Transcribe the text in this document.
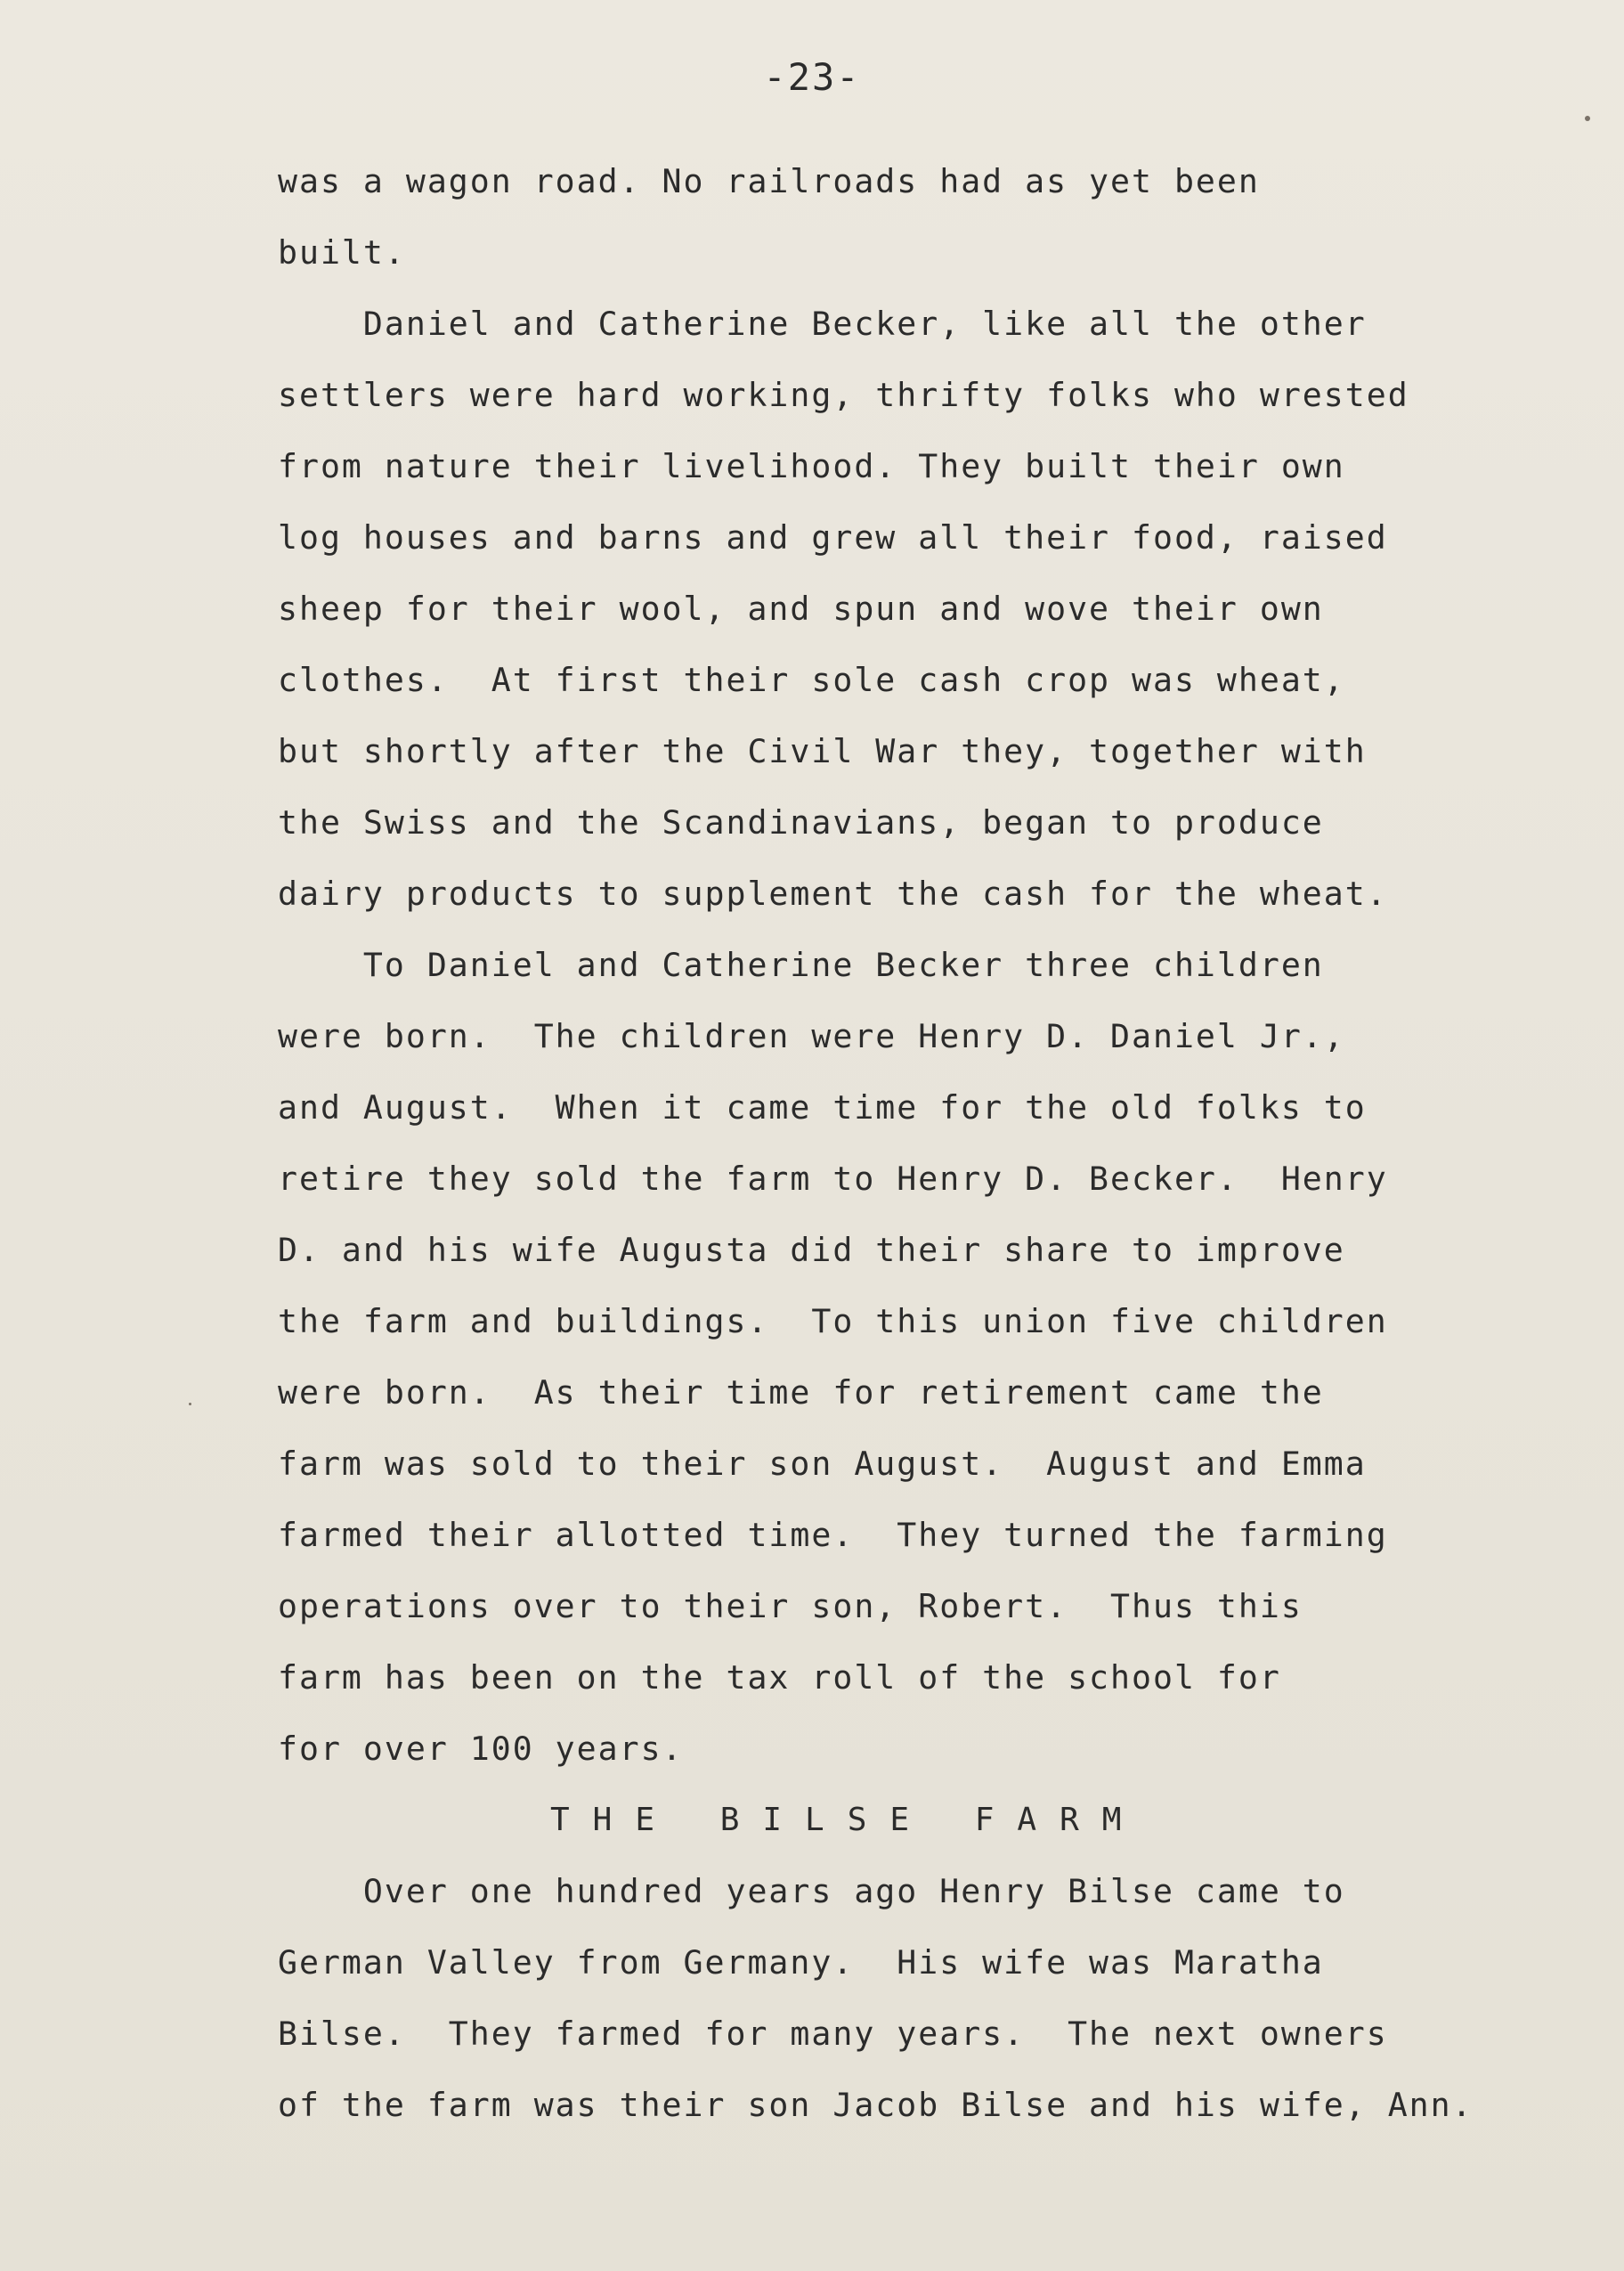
-23-
was a wagon road. No railroads had as yet been
built.
Daniel and Catherine Becker, like all the other
settlers were hard working, thrifty folks who wrested
from nature their livelihood. They built their own
log houses and barns and grew all their food, raised
sheep for their wool, and spun and wove their own
clothes.  At first their sole cash crop was wheat,
but shortly after the Civil War they, together with
the Swiss and the Scandinavians, began to produce
dairy products to supplement the cash for the wheat.
To Daniel and Catherine Becker three children
were born.  The children were Henry D. Daniel Jr.,
and August.  When it came time for the old folks to
retire they sold the farm to Henry D. Becker.  Henry
D. and his wife Augusta did their share to improve
the farm and buildings.  To this union five children
were born.  As their time for retirement came the
farm was sold to their son August.  August and Emma
farmed their allotted time.  They turned the farming
operations over to their son, Robert.  Thus this
farm has been on the tax roll of the school for
for over 100 years.
THE BILSE FARM
Over one hundred years ago Henry Bilse came to
German Valley from Germany.  His wife was Maratha
Bilse.  They farmed for many years.  The next owners
of the farm was their son Jacob Bilse and his wife, Ann.
